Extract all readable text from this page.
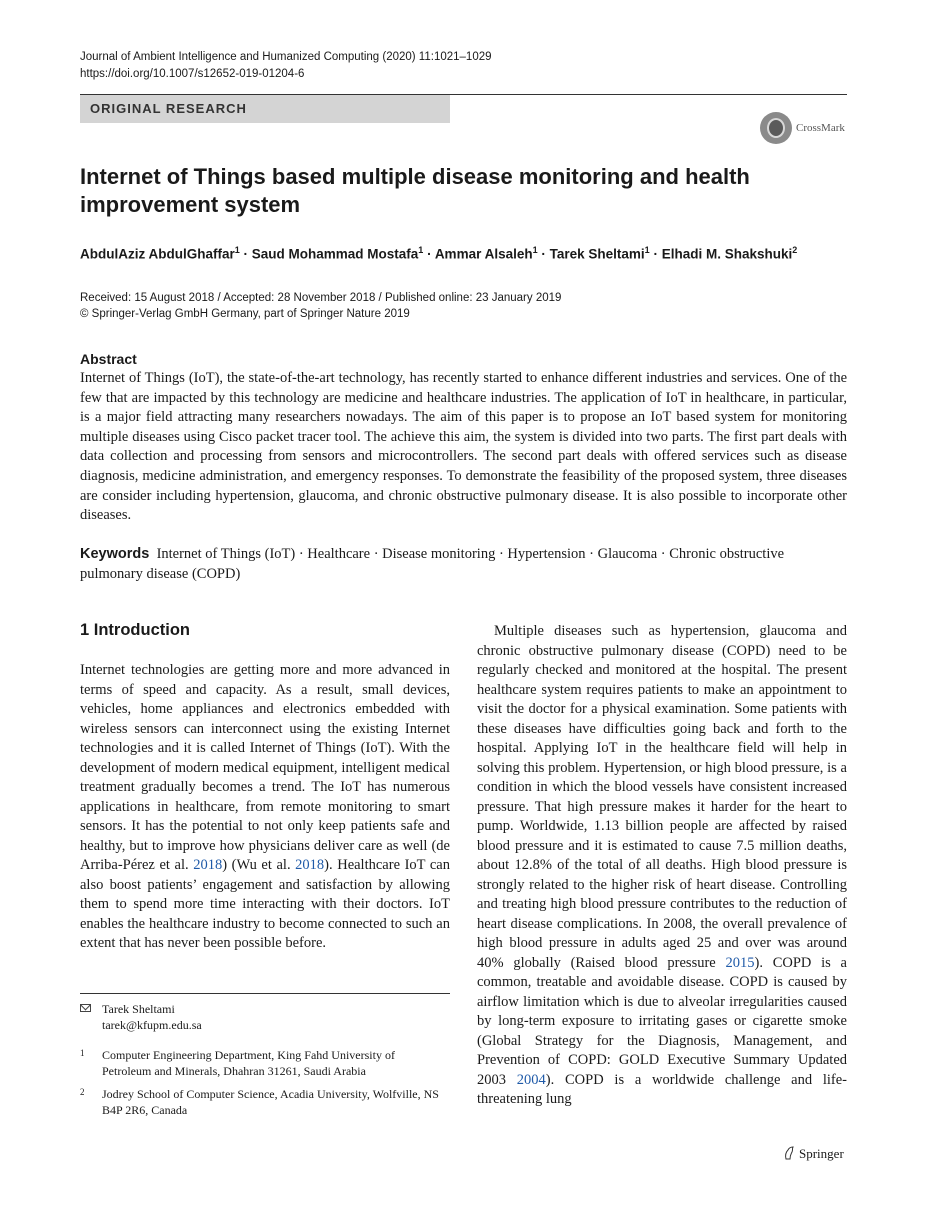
Journal of Ambient Intelligence and Humanized Computing (2020) 11:1021–1029
https://doi.org/10.1007/s12652-019-01204-6
ORIGINAL RESEARCH
CrossMark
Internet of Things based multiple disease monitoring and health improvement system
AbdulAziz AbdulGhaffar$^1$ · Saud Mohammad Mostafa$^1$ · Ammar Alsaleh$^1$ · Tarek Sheltami$^1$ · Elhadi M. Shakshuki$^2$
Received: 15 August 2018 / Accepted: 28 November 2018 / Published online: 23 January 2019
© Springer-Verlag GmbH Germany, part of Springer Nature 2019
Abstract
Internet of Things (IoT), the state-of-the-art technology, has recently started to enhance different industries and services. One of the few that are impacted by this technology are medicine and healthcare industries. The application of IoT in healthcare, in particular, is a major field attracting many researchers nowadays. The aim of this paper is to propose an IoT based system for monitoring multiple diseases using Cisco packet tracer tool. The achieve this aim, the system is divided into two parts. The first part deals with data collection and processing from sensors and microcontrollers. The second part deals with offered services such as disease diagnosis, medicine administration, and emergency responses. To demonstrate the feasibility of the proposed system, three diseases are consider including hypertension, glaucoma, and chronic obstructive pulmonary disease. It is also possible to incorporate other diseases.
Keywords Internet of Things (IoT) · Healthcare · Disease monitoring · Hypertension · Glaucoma · Chronic obstructive pulmonary disease (COPD)
1 Introduction
Internet technologies are getting more and more advanced in terms of speed and capacity. As a result, small devices, vehicles, home appliances and electronics embedded with wireless sensors can interconnect using the existing Internet technologies and it is called Internet of Things (IoT). With the development of modern medical equipment, intelligent medical treatment gradually becomes a trend. The IoT has numerous applications in healthcare, from remote monitoring to smart sensors. It has the potential to not only keep patients safe and healthy, but to improve how physicians deliver care as well (de Arriba-Pérez et al. 2018) (Wu et al. 2018). Healthcare IoT can also boost patients’ engagement and satisfaction by allowing them to spend more time interacting with their doctors. IoT enables the healthcare industry to become connected to such an extent that has never been possible before.
Multiple diseases such as hypertension, glaucoma and chronic obstructive pulmonary disease (COPD) need to be regularly checked and monitored at the hospital. The present healthcare system requires patients to make an appointment to visit the doctor for a physical examination. Some patients with these diseases have difficulties going back and forth to the hospital. Applying IoT in the healthcare field will help in solving this problem. Hypertension, or high blood pressure, is a condition in which the blood vessels have consistent increased pressure. That high pressure makes it harder for the heart to pump. Worldwide, 1.13 billion people are affected by raised blood pressure and it is estimated to cause 7.5 million deaths, about 12.8% of the total of all deaths. High blood pressure is strongly related to the higher risk of heart disease. Controlling and treating high blood pressure contributes to the reduction of heart disease complications. In 2008, the overall prevalence of high blood pressure in adults aged 25 and over was around 40% globally (Raised blood pressure 2015). COPD is a common, treatable and avoidable disease. COPD is caused by airflow limitation which is due to alveolar irregularities caused by long-term exposure to irritating gases or cigarette smoke (Global Strategy for the Diagnosis, Management, and Prevention of COPD: GOLD Executive Summary Updated 2003 2004). COPD is a worldwide challenge and life-threatening lung
Tarek Sheltami
tarek@kfupm.edu.sa
1 Computer Engineering Department, King Fahd University of Petroleum and Minerals, Dhahran 31261, Saudi Arabia
2 Jodrey School of Computer Science, Acadia University, Wolfville, NS B4P 2R6, Canada
Springer
